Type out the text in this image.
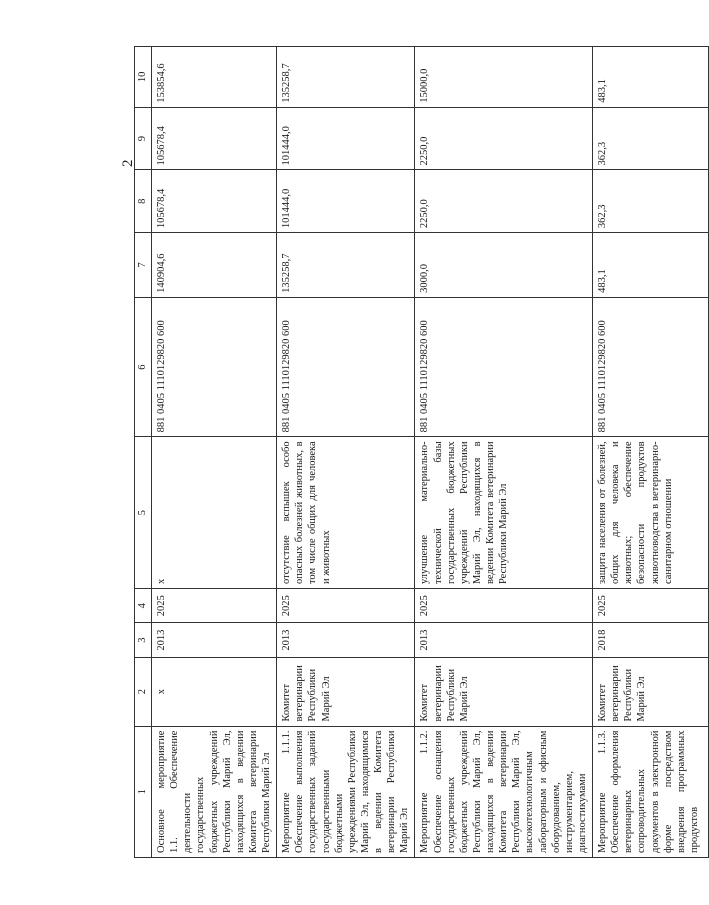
2
1	2	3	4	5	6	7	8	9	10
Основное мероприятие 1.1. Обеспечение деятельности государственных бюджетных учреждений Республики Марий Эл, находящихся в ведении Комитета ветеринарии Республики Марий Эл	x	2013	2025	x	881 0405 1110129820 600	140904,6	105678,4	105678,4	153854,6
Мероприятие 1.1.1. Обеспечение выполнения государственных заданий государственными бюджетными учреждениями Республики Марий Эл, находящимися в ведении Комитета ветеринарии Республики Марий Эл	Комитет ветеринарии Республики Марий Эл	2013	2025	отсутствие вспышек особо опасных болезней животных, в том числе общих для человека и животных	881 0405 1110129820 600	135258,7	101444,0	101444,0	135258,7
Мероприятие 1.1.2. Обеспечение оснащения государственных бюджетных учреждений Республики Марий Эл, находящихся в ведении Комитета ветеринарии Республики Марий Эл, высокотехнологичным лабораторным и офисным оборудованием, инструментарием, диагностикумами	Комитет ветеринарии Республики Марий Эл	2013	2025	улучшение материально-технической базы государственных бюджетных учреждений Республики Марий Эл, находящихся в ведении Комитета ветеринарии Республики Марий Эл	881 0405 1110129820 600	3000,0	2250,0	2250,0	15000,0
Мероприятие 1.1.3. Обеспечение оформления ветеринарных сопроводительных документов в электронной форме посредством внедрения программных продуктов	Комитет ветеринарии Республики Марий Эл	2018	2025	защита населения от болезней, общих для человека и животных; обеспечение безопасности продуктов животноводства в ветеринарно-санитарном отношении	881 0405 1110129820 600	483,1	362,3	362,3	483,1
